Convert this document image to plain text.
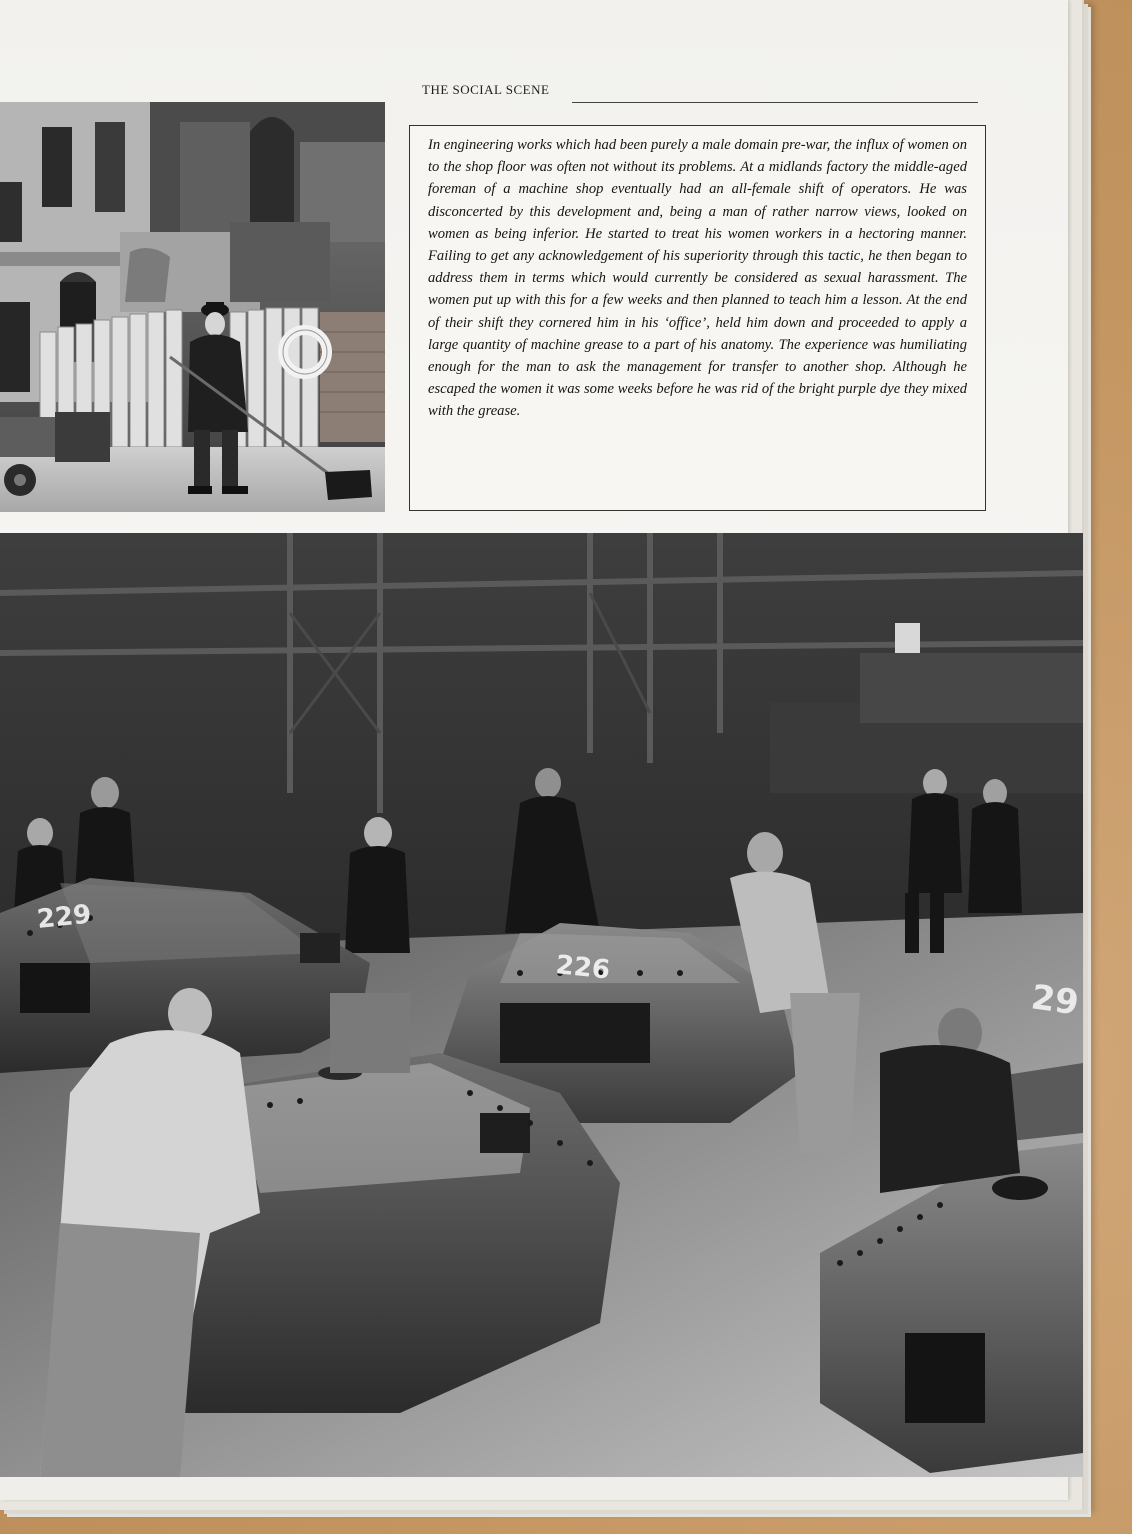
THE SOCIAL SCENE

In engineering works which had been purely a male domain pre-war, the influx of women on to the shop floor was often not without its problems. At a midlands factory the middle-aged foreman of a machine shop eventually had an all-female shift of operators. He was disconcerted by this development and, being a man of rather narrow views, looked on women as being inferior. He started to treat his women workers in a hectoring manner. Failing to get any acknowledgement of his superiority through this tactic, he then began to address them in terms which would currently be considered as sexual harassment. The women put up with this for a few weeks and then planned to teach him a lesson. At the end of their shift they cornered him in his ‘office’, held him down and proceeded to apply a large quantity of machine grease to a part of his anatomy. The experience was humiliating enough for the man to ask the management for transfer to another shop. Although he escaped the women it was some weeks before he was rid of the bright purple dye they mixed with the grease.

229
226
29
